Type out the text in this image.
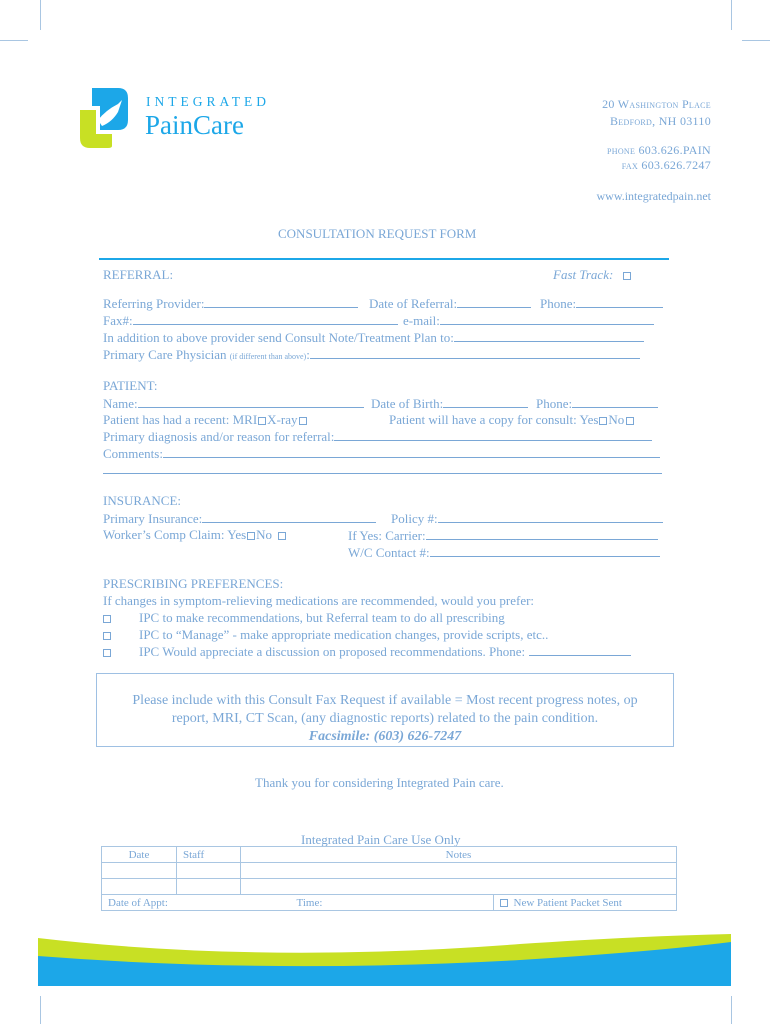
INTEGRATED
PainCare
20 Washington Place
Bedford, NH 03110
phone 603.626.PAIN
fax 603.626.7247
www.integratedpain.net
CONSULTATION REQUEST FORM
REFERRAL:	Fast Track:
Referring Provider:	Date of Referral:	Phone:
Fax#:	e-mail:
In addition to above provider send Consult Note/Treatment Plan to:
Primary Care Physician (if different than above):
PATIENT:
Name:	Date of Birth:	Phone:
Patient has had a recent: MRI X-ray	Patient will have a copy for consult: Yes No
Primary diagnosis and/or reason for referral:
Comments:
INSURANCE:
Primary Insurance:	Policy #:
Worker’s Comp Claim: Yes No	If Yes: Carrier:
W/C Contact #:
PRESCRIBING PREFERENCES:
If changes in symptom-relieving medications are recommended, would you prefer:
IPC to make recommendations, but Referral team to do all prescribing
IPC to “Manage” - make appropriate medication changes, provide scripts, etc..
IPC Would appreciate a discussion on proposed recommendations. Phone:
Please include with this Consult Fax Request if available = Most recent progress notes, op
report, MRI, CT Scan, (any diagnostic reports) related to the pain condition.
Facsimile: (603) 626-7247
Thank you for considering Integrated Pain care.
Integrated Pain Care Use Only
Date	Staff	Notes	

Date of Appt:		Time:	New Patient Packet Sent
